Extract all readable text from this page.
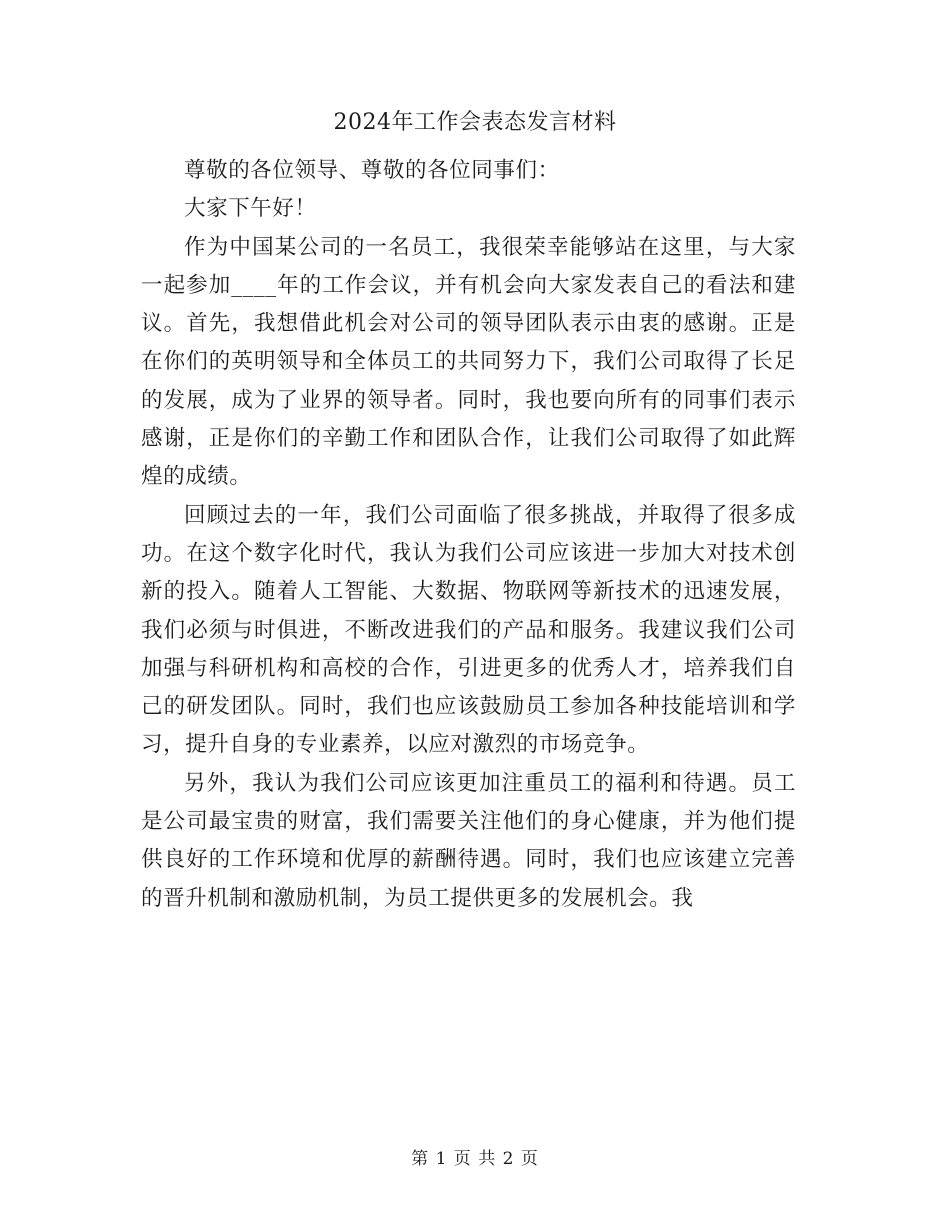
2024年工作会表态发言材料

尊敬的各位领导、尊敬的各位同事们：

大家下午好！

作为中国某公司的一名员工，我很荣幸能够站在这里，与大家一起参加____年的工作会议，并有机会向大家发表自己的看法和建议。首先，我想借此机会对公司的领导团队表示由衷的感谢。正是在你们的英明领导和全体员工的共同努力下，我们公司取得了长足的发展，成为了业界的领导者。同时，我也要向所有的同事们表示感谢，正是你们的辛勤工作和团队合作，让我们公司取得了如此辉煌的成绩。

回顾过去的一年，我们公司面临了很多挑战，并取得了很多成功。在这个数字化时代，我认为我们公司应该进一步加大对技术创新的投入。随着人工智能、大数据、物联网等新技术的迅速发展，我们必须与时俱进，不断改进我们的产品和服务。我建议我们公司加强与科研机构和高校的合作，引进更多的优秀人才，培养我们自己的研发团队。同时，我们也应该鼓励员工参加各种技能培训和学习，提升自身的专业素养，以应对激烈的市场竞争。

另外，我认为我们公司应该更加注重员工的福利和待遇。员工是公司最宝贵的财富，我们需要关注他们的身心健康，并为他们提供良好的工作环境和优厚的薪酬待遇。同时，我们也应该建立完善的晋升机制和激励机制，为员工提供更多的发展机会。我

第 1 页 共 2 页
